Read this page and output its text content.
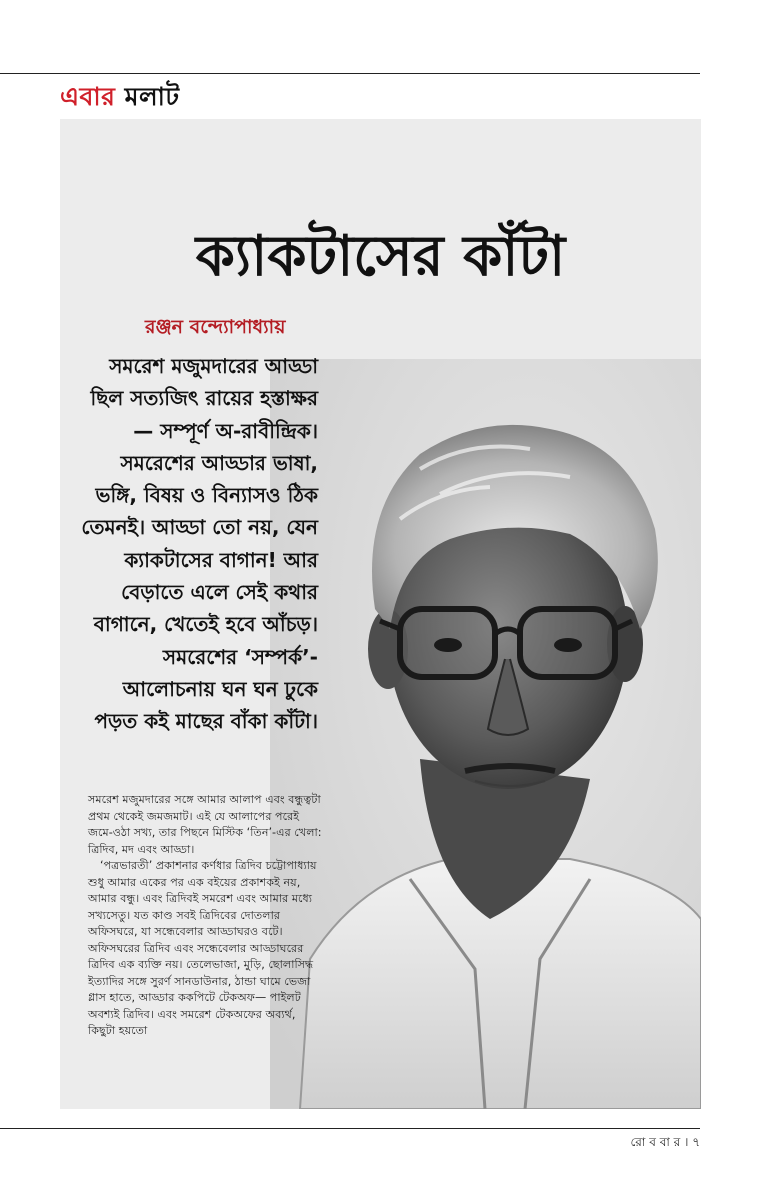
এবার মলাট
ক্যাকটাসের কাঁটা
রঞ্জন বন্দ্যোপাধ্যায়
সমরেশ মজুমদারের আড্ডা ছিল সত্যজিৎ রায়ের হস্তাক্ষর— সম্পূর্ণ অ-রাবীন্দ্রিক। সমরেশের আড্ডার ভাষা, ভঙ্গি, বিষয় ও বিন্যাসও ঠিক তেমনই। আড্ডা তো নয়, যেন ক্যাকটাসের বাগান! আর বেড়াতে এলে সেই কথার বাগানে, খেতেই হবে আঁচড়। সমরেশের ‘সম্পর্ক’-আলোচনায় ঘন ঘন ঢুকে পড়ত কই মাছের বাঁকা কাঁটা।

সমরেশ মজুমদারের সঙ্গে আমার আলাপ এবং বন্ধুত্বটা প্রথম থেকেই জমজমাট। এই যে আলাপের পরেই জমে-ওঠা সখ্য, তার পিছনে মিস্টিক ‘তিন’-এর খেলা: ত্রিদিব, মদ এবং আড্ডা।

‘পত্রভারতী’ প্রকাশনার কর্ণধার ত্রিদিব চট্টোপাধ্যায় শুধু আমার একের পর এক বইয়ের প্রকাশকই নয়, আমার বন্ধু। এবং ত্রিদিবই সমরেশ এবং আমার মধ্যে সখ্যসেতু। যত কাণ্ড সবই ত্রিদিবের দোতলার অফিসঘরে, যা সন্ধেবেলার আড্ডাঘরও বটে। অফিসঘরের ত্রিদিব এবং সন্ধেবেলার আড্ডাঘরের ত্রিদিব এক ব্যক্তি নয়। তেলেভাজা, মুড়ি, ছোলাসিদ্ধ ইত্যাদির সঙ্গে সুরর্ণ সানডাউনার, ঠান্ডা ঘামে ভেজা গ্লাস হাতে, আড্ডার ককপিটে টেকঅফ— পাইলট অবশ্যই ত্রিদিব। এবং সমরেশ টেকঅফের অব্যর্থ, কিছুটা হয়তো

রো ব বা র । ৭
